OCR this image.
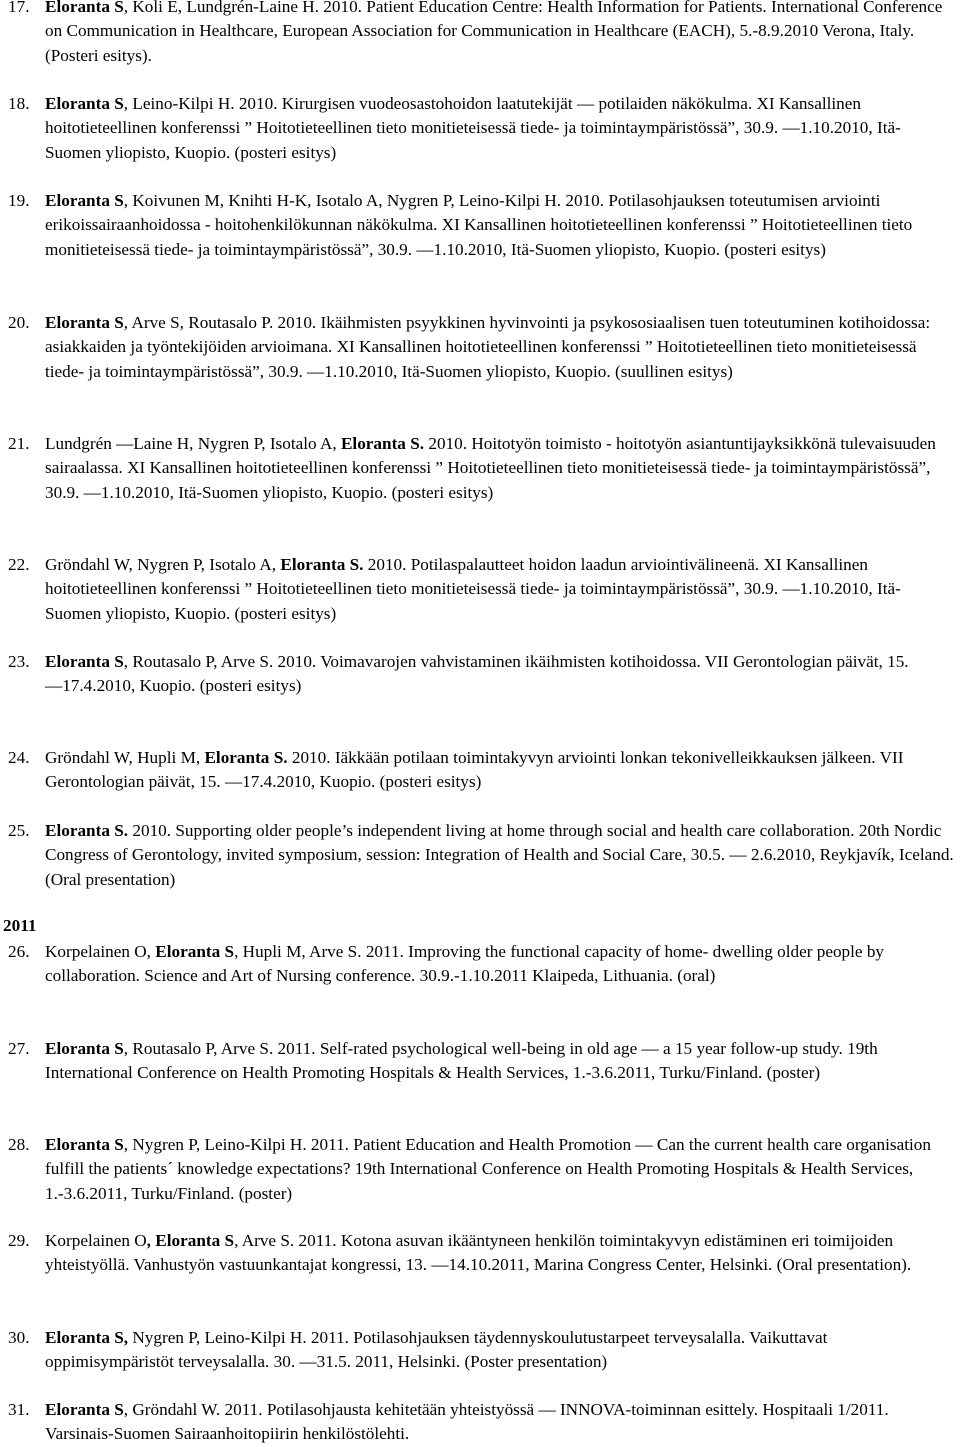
17. Eloranta S, Koli E, Lundgrén-Laine H. 2010. Patient Education Centre: Health Information for Patients. International Conference on Communication in Healthcare, European Association for Communication in Healthcare (EACH), 5.-8.9.2010 Verona, Italy. (Posteri esitys).
18. Eloranta S, Leino-Kilpi H. 2010. Kirurgisen vuodeosastohoidon laatutekijät ― potilaiden näkökulma. XI Kansallinen hoitotieteellinen konferenssi ” Hoitotieteellinen tieto monitieteisessä tiede- ja toimintaympäristössä”, 30.9. ―1.10.2010, Itä-Suomen yliopisto, Kuopio. (posteri esitys)
19. Eloranta S, Koivunen M, Knihti H-K, Isotalo A, Nygren P, Leino-Kilpi H. 2010. Potilasohjauksen toteutumisen arviointi erikoissairaanhoidossa - hoitohenkilökunnan näkökulma. XI Kansallinen hoitotieteellinen konferenssi ” Hoitotieteellinen tieto monitieteisessä tiede- ja toimintaympäristössä”, 30.9. ―1.10.2010, Itä-Suomen yliopisto, Kuopio. (posteri esitys)
20. Eloranta S, Arve S, Routasalo P. 2010. Ikäihmisten psyykkinen hyvinvointi ja psykososiaalisen tuen toteutuminen kotihoidossa: asiakkaiden ja työntekijöiden arvioimana. XI Kansallinen hoitotieteellinen konferenssi ” Hoitotieteellinen tieto monitieteisessä tiede- ja toimintaympäristössä”, 30.9. ―1.10.2010, Itä-Suomen yliopisto, Kuopio. (suullinen esitys)
21. Lundgrén ―Laine H, Nygren P, Isotalo A, Eloranta S. 2010. Hoitotyön toimisto - hoitotyön asiantuntijayksikkönä tulevaisuuden sairaalassa. XI Kansallinen hoitotieteellinen konferenssi ” Hoitotieteellinen tieto monitieteisessä tiede- ja toimintaympäristössä”, 30.9. ―1.10.2010, Itä-Suomen yliopisto, Kuopio. (posteri esitys)
22. Gröndahl W, Nygren P, Isotalo A, Eloranta S. 2010. Potilaspalautteet hoidon laadun arviointivälineenä. XI Kansallinen hoitotieteellinen konferenssi ” Hoitotieteellinen tieto monitieteisessä tiede- ja toimintaympäristössä”, 30.9. ―1.10.2010, Itä-Suomen yliopisto, Kuopio. (posteri esitys)
23. Eloranta S, Routasalo P, Arve S. 2010. Voimavarojen vahvistaminen ikäihmisten kotihoidossa. VII Gerontologian päivät, 15. ―17.4.2010, Kuopio. (posteri esitys)
24. Gröndahl W, Hupli M, Eloranta S. 2010. Iäkkään potilaan toimintakyvyn arviointi lonkan tekonivelleikkauksen jälkeen. VII Gerontologian päivät, 15. ―17.4.2010, Kuopio. (posteri esitys)
25. Eloranta S. 2010. Supporting older people’s independent living at home through social and health care collaboration. 20th Nordic Congress of Gerontology, invited symposium, session: Integration of Health and Social Care, 30.5. ― 2.6.2010, Reykjavík, Iceland. (Oral presentation)
2011
26. Korpelainen O, Eloranta S, Hupli M, Arve S. 2011. Improving the functional capacity of home- dwelling older people by collaboration. Science and Art of Nursing conference. 30.9.-1.10.2011 Klaipeda, Lithuania. (oral)
27. Eloranta S, Routasalo P, Arve S. 2011. Self-rated psychological well-being in old age ― a 15 year follow-up study. 19th International Conference on Health Promoting Hospitals & Health Services, 1.-3.6.2011, Turku/Finland. (poster)
28. Eloranta S, Nygren P, Leino-Kilpi H. 2011. Patient Education and Health Promotion ― Can the current health care organisation fulfill the patients´ knowledge expectations? 19th International Conference on Health Promoting Hospitals & Health Services, 1.-3.6.2011, Turku/Finland. (poster)
29. Korpelainen O, Eloranta S, Arve S. 2011. Kotona asuvan ikääntyneen henkilön toimintakyvyn edistäminen eri toimijoiden yhteistyöllä. Vanhustyön vastuunkantajat kongressi, 13. ―14.10.2011, Marina Congress Center, Helsinki. (Oral presentation).
30. Eloranta S, Nygren P, Leino-Kilpi H. 2011. Potilasohjauksen täydennyskoulutustarpeet terveysalalla. Vaikuttavat oppimisympäristöt terveysalalla. 30. ―31.5. 2011, Helsinki. (Poster presentation)
31. Eloranta S, Gröndahl W. 2011. Potilasohjausta kehitetään yhteistyössä ― INNOVA-toiminnan esittely. Hospitaali 1/2011. Varsinais-Suomen Sairaanhoitopiirin henkilöstölehti.
